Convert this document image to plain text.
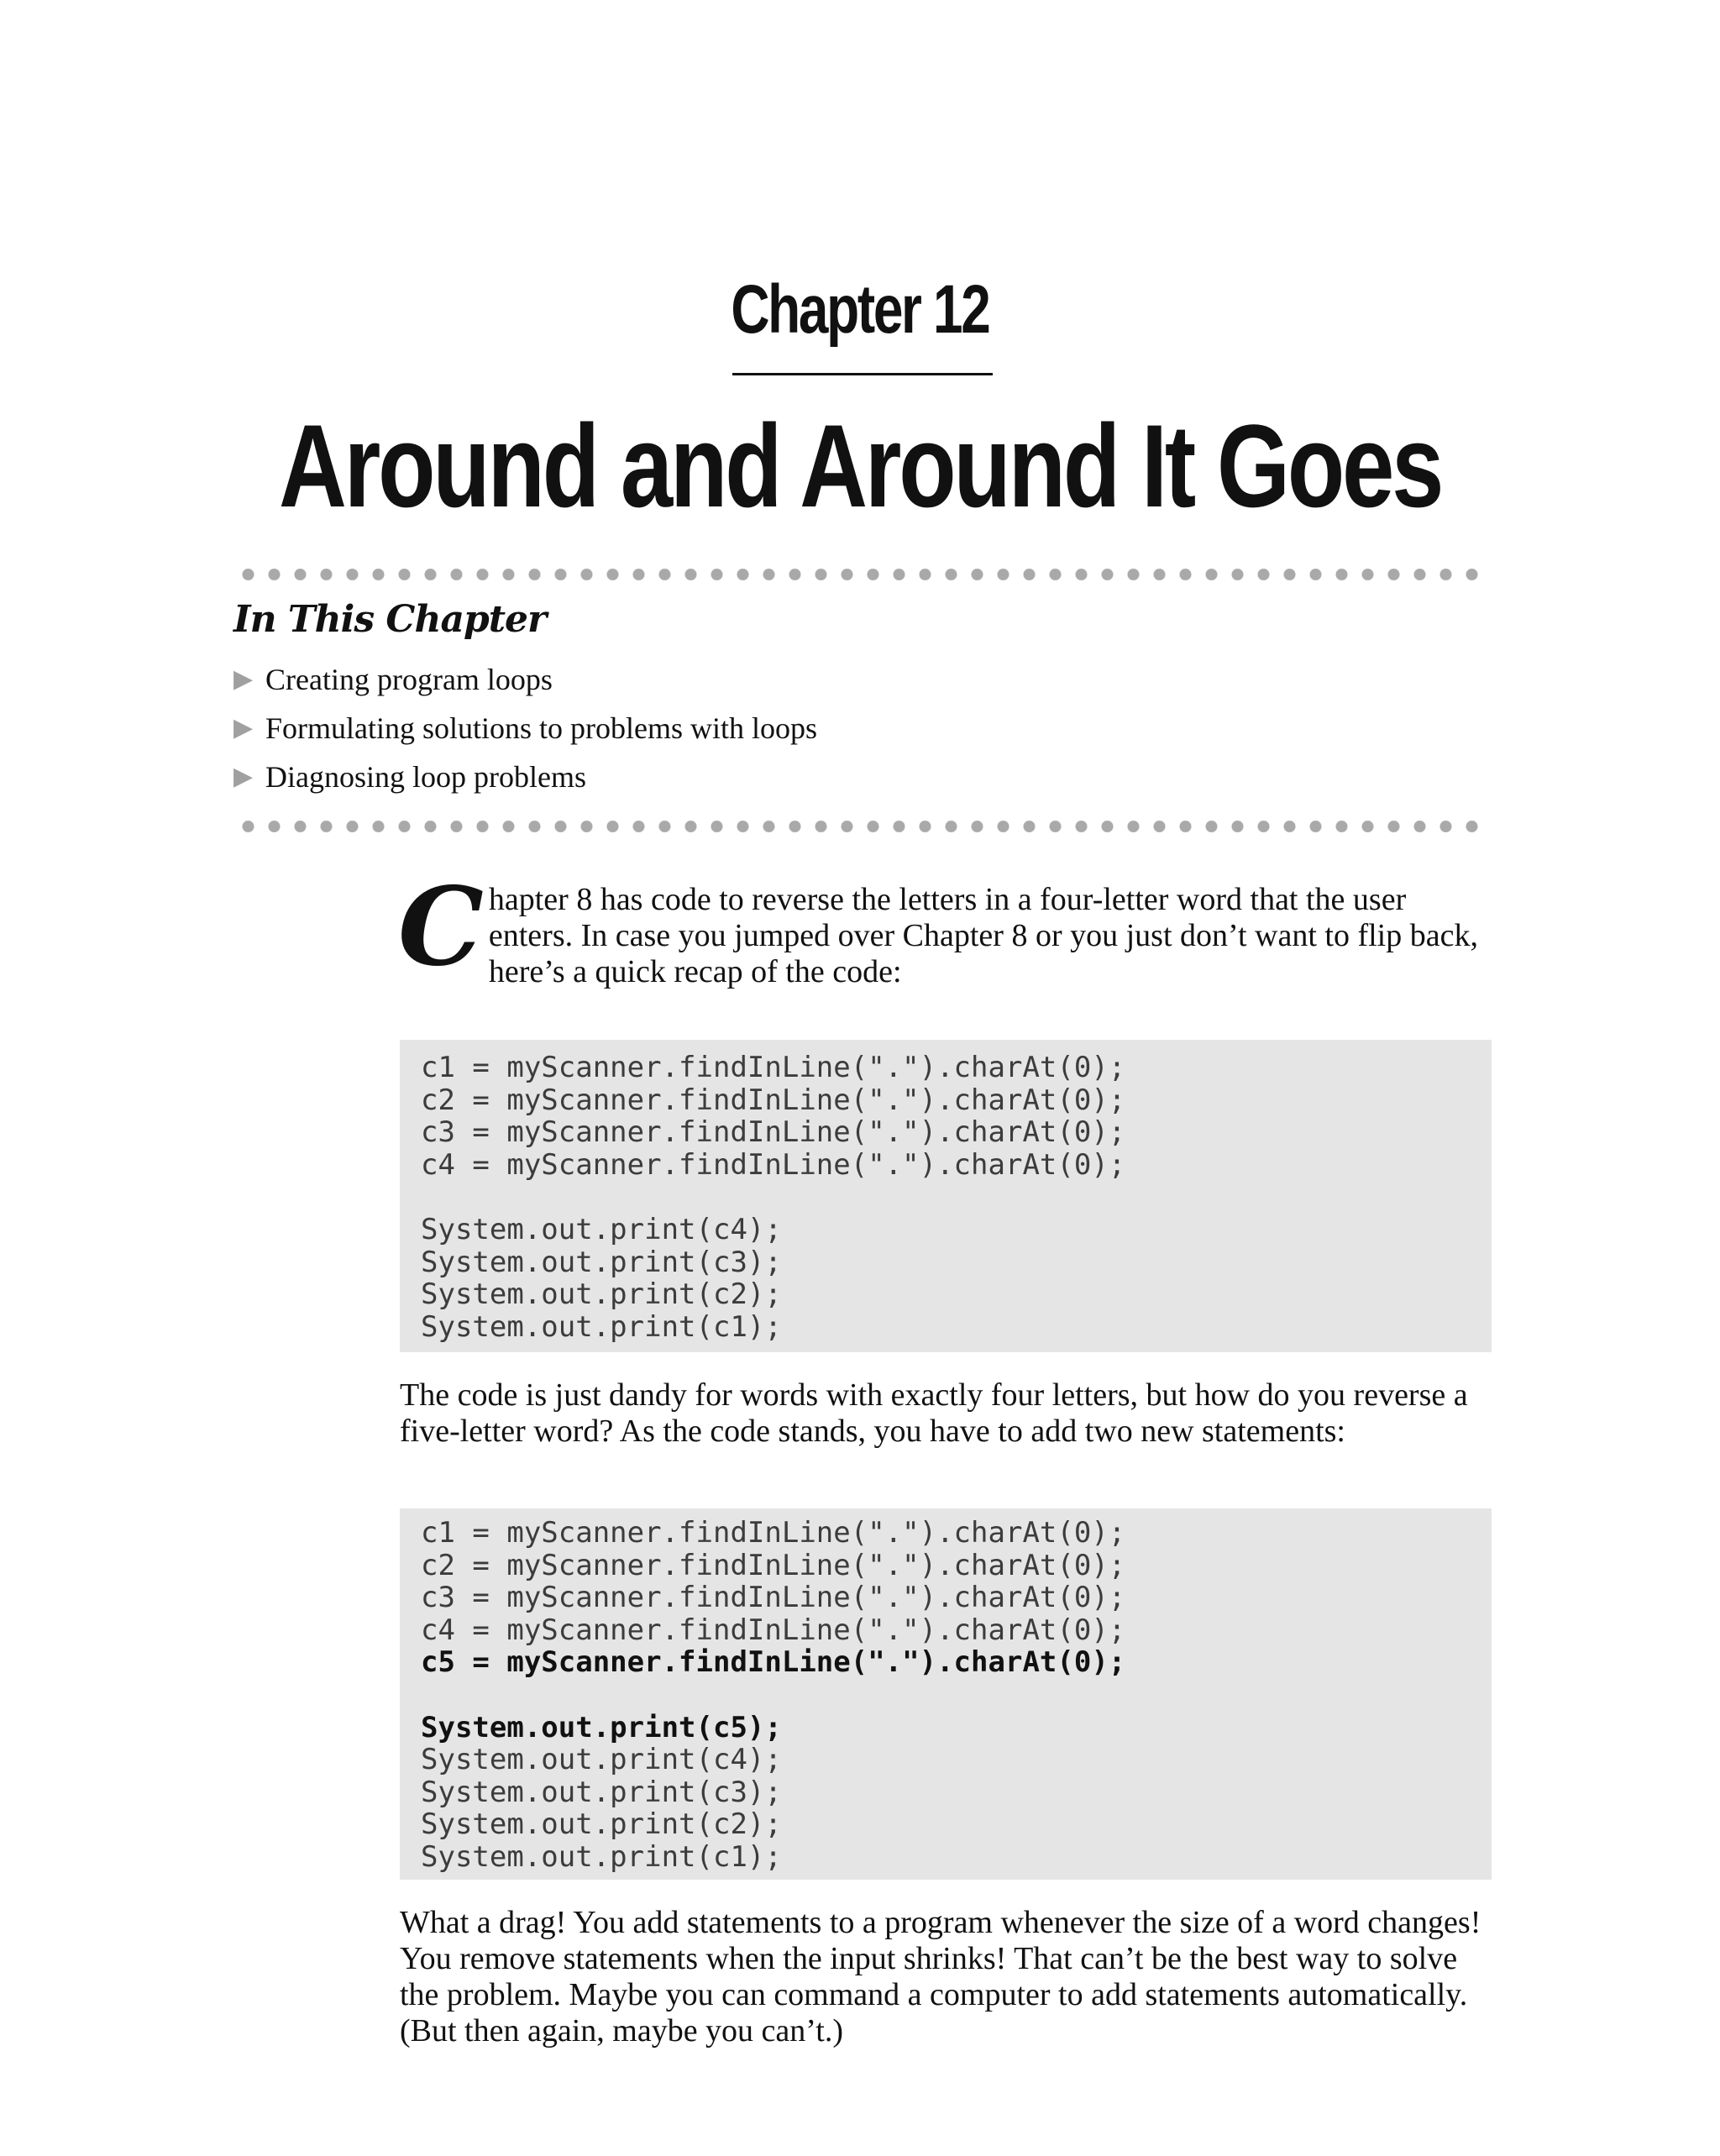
Chapter 12
Around and Around It Goes
In This Chapter
▶ Creating program loops
▶ Formulating solutions to problems with loops
▶ Diagnosing loop problems

C hapter 8 has code to reverse the letters in a four-letter word that the user enters. In case you jumped over Chapter 8 or you just don’t want to flip back, here’s a quick recap of the code:

c1 = myScanner.findInLine(".").charAt(0);
c2 = myScanner.findInLine(".").charAt(0);
c3 = myScanner.findInLine(".").charAt(0);
c4 = myScanner.findInLine(".").charAt(0);
System.out.print(c4);
System.out.print(c3);
System.out.print(c2);
System.out.print(c1);

The code is just dandy for words with exactly four letters, but how do you reverse a five-letter word? As the code stands, you have to add two new statements:

c1 = myScanner.findInLine(".").charAt(0);
c2 = myScanner.findInLine(".").charAt(0);
c3 = myScanner.findInLine(".").charAt(0);
c4 = myScanner.findInLine(".").charAt(0);
c5 = myScanner.findInLine(".").charAt(0);
System.out.print(c5);
System.out.print(c4);
System.out.print(c3);
System.out.print(c2);
System.out.print(c1);

What a drag! You add statements to a program whenever the size of a word changes! You remove statements when the input shrinks! That can’t be the best way to solve the problem. Maybe you can command a computer to add statements automatically. (But then again, maybe you can’t.)
